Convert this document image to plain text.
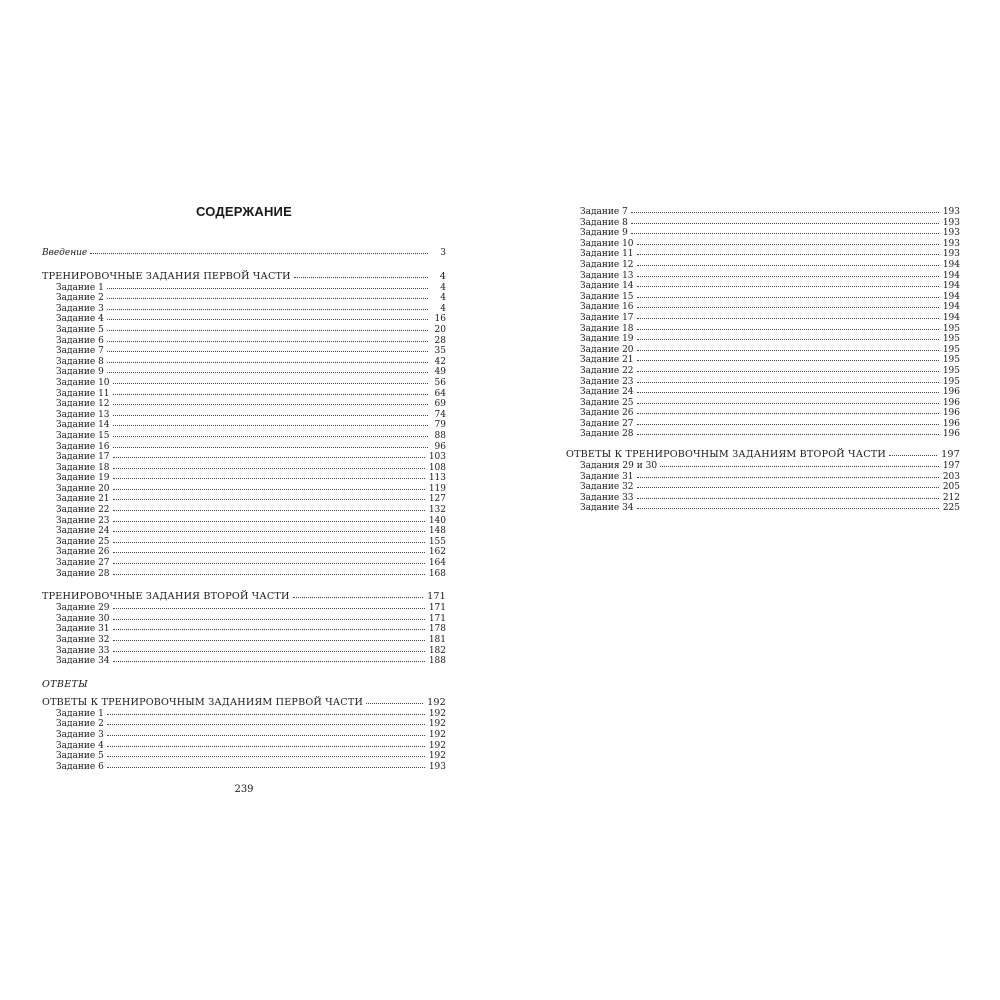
СОДЕРЖАНИЕ
Введение	3
ТРЕНИРОВОЧНЫЕ ЗАДАНИЯ ПЕРВОЙ ЧАСТИ	4
Задание 1	4
Задание 2	4
Задание 3	4
Задание 4	16
Задание 5	20
Задание 6	28
Задание 7	35
Задание 8	42
Задание 9	49
Задание 10	56
Задание 11	64
Задание 12	69
Задание 13	74
Задание 14	79
Задание 15	88
Задание 16	96
Задание 17	103
Задание 18	108
Задание 19	113
Задание 20	119
Задание 21	127
Задание 22	132
Задание 23	140
Задание 24	148
Задание 25	155
Задание 26	162
Задание 27	164
Задание 28	168
ТРЕНИРОВОЧНЫЕ ЗАДАНИЯ ВТОРОЙ ЧАСТИ	171
Задание 29	171
Задание 30	171
Задание 31	178
Задание 32	181
Задание 33	182
Задание 34	188
ОТВЕТЫ
ОТВЕТЫ К ТРЕНИРОВОЧНЫМ ЗАДАНИЯМ ПЕРВОЙ ЧАСТИ	192
Задание 1	192
Задание 2	192
Задание 3	192
Задание 4	192
Задание 5	192
Задание 6	193
239
Задание 7	193
Задание 8	193
Задание 9	193
Задание 10	193
Задание 11	193
Задание 12	194
Задание 13	194
Задание 14	194
Задание 15	194
Задание 16	194
Задание 17	194
Задание 18	195
Задание 19	195
Задание 20	195
Задание 21	195
Задание 22	195
Задание 23	195
Задание 24	196
Задание 25	196
Задание 26	196
Задание 27	196
Задание 28	196
ОТВЕТЫ К ТРЕНИРОВОЧНЫМ ЗАДАНИЯМ ВТОРОЙ ЧАСТИ	197
Задания 29 и 30	197
Задание 31	203
Задание 32	205
Задание 33	212
Задание 34	225
